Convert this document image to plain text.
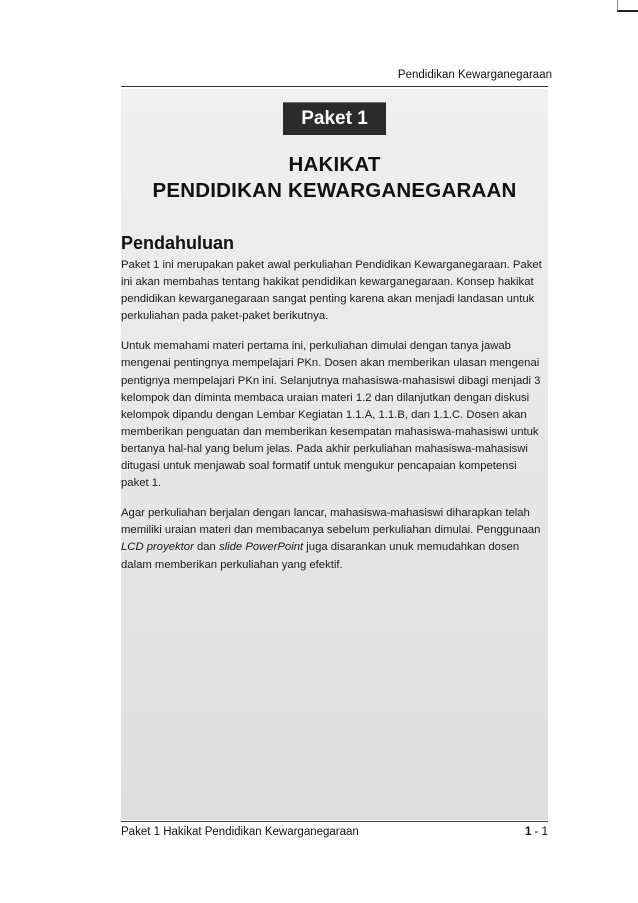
Pendidikan Kewarganegaraan
Paket 1
HAKIKAT
PENDIDIKAN KEWARGANEGARAAN
Pendahuluan

Paket 1 ini merupakan paket awal perkuliahan Pendidikan Kewarganegaraan. Paket ini akan membahas tentang hakikat pendidikan kewarganegaraan. Konsep hakikat pendidikan kewarganegaraan sangat penting karena akan menjadi landasan untuk perkuliahan pada paket-paket berikutnya.

Untuk memahami materi pertama ini, perkuliahan dimulai dengan tanya jawab mengenai pentingnya mempelajari PKn. Dosen akan memberikan ulasan mengenai pentignya mempelajari PKn ini. Selanjutnya mahasiswa-mahasiswi dibagi menjadi 3 kelompok dan diminta membaca uraian materi 1.2 dan dilanjutkan dengan diskusi kelompok dipandu dengan Lembar Kegiatan 1.1.A, 1.1.B, dan 1.1.C. Dosen akan memberikan penguatan dan memberikan kesempatan mahasiswa-mahasiswi untuk bertanya hal-hal yang belum jelas. Pada akhir perkuliahan mahasiswa-mahasiswi ditugasi untuk menjawab soal formatif untuk mengukur pencapaian kompetensi paket 1.

Agar perkuliahan berjalan dengan lancar, mahasiswa-mahasiswi diharapkan telah memiliki uraian materi dan membacanya sebelum perkuliahan dimulai. Penggunaan LCD proyektor dan slide PowerPoint juga disarankan unuk memudahkan dosen dalam memberikan perkuliahan yang efektif.

Paket 1 Hakikat Pendidikan Kewarganegaraan	1 - 1
